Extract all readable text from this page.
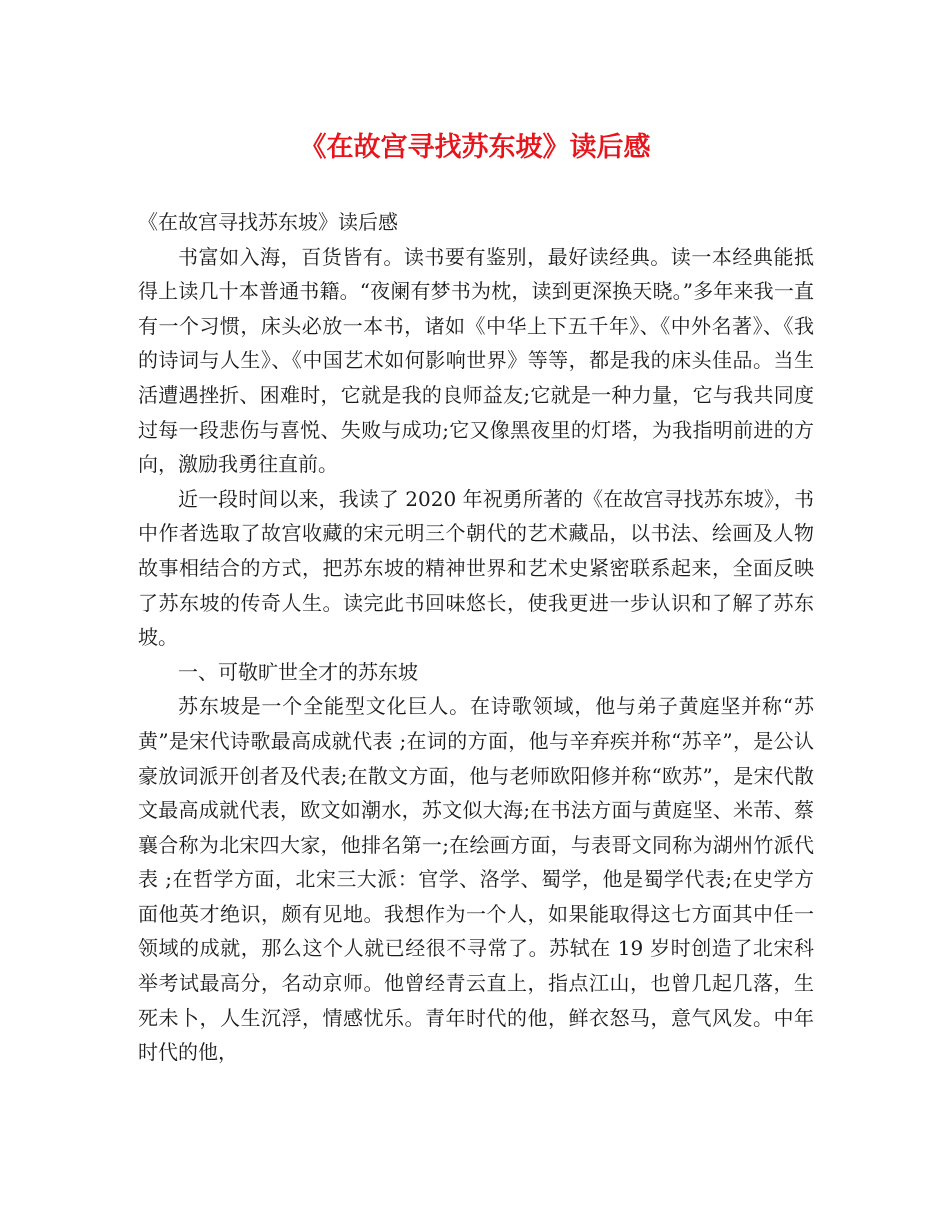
《在故宫寻找苏东坡》读后感

《在故宫寻找苏东坡》读后感

书富如入海，百货皆有。读书要有鉴别，最好读经典。读一本经典能抵得上读几十本普通书籍。“夜阑有梦书为枕，读到更深换天晓。”多年来我一直有一个习惯，床头必放一本书，诸如《中华上下五千年》、《中外名著》、《我的诗词与人生》、《中国艺术如何影响世界》等等，都是我的床头佳品。当生活遭遇挫折、困难时，它就是我的良师益友;它就是一种力量，它与我共同度过每一段悲伤与喜悦、失败与成功;它又像黑夜里的灯塔，为我指明前进的方向，激励我勇往直前。

近一段时间以来，我读了 2020 年祝勇所著的《在故宫寻找苏东坡》，书中作者选取了故宫收藏的宋元明三个朝代的艺术藏品，以书法、绘画及人物故事相结合的方式，把苏东坡的精神世界和艺术史紧密联系起来，全面反映了苏东坡的传奇人生。读完此书回味悠长，使我更进一步认识和了解了苏东坡。

一、可敬旷世全才的苏东坡

苏东坡是一个全能型文化巨人。在诗歌领域，他与弟子黄庭坚并称“苏黄”是宋代诗歌最高成就代表 ;在词的方面，他与辛弃疾并称“苏辛”，是公认豪放词派开创者及代表;在散文方面，他与老师欧阳修并称“欧苏”，是宋代散文最高成就代表，欧文如潮水，苏文似大海;在书法方面与黄庭坚、米芾、蔡襄合称为北宋四大家，他排名第一;在绘画方面，与表哥文同称为湖州竹派代表 ;在哲学方面，北宋三大派：官学、洛学、蜀学，他是蜀学代表;在史学方面他英才绝识，颇有见地。我想作为一个人，如果能取得这七方面其中任一领域的成就，那么这个人就已经很不寻常了。苏轼在 19 岁时创造了北宋科举考试最高分，名动京师。他曾经青云直上，指点江山，也曾几起几落，生死未卜，人生沉浮，情感忧乐。青年时代的他，鲜衣怒马，意气风发。中年时代的他，
